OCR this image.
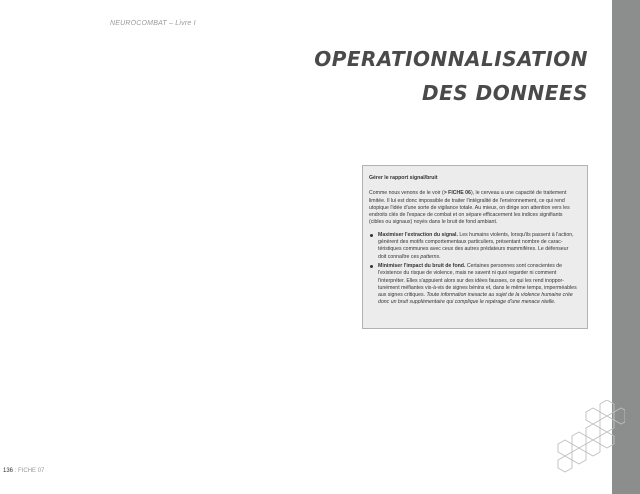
NEUROCOMBAT – Livre I
OPERATIONNALISATION
DES DONNEES

Gérer le rapport signal/bruit

Comme nous venons de le voir (> FICHE 06), le cerveau a une capacité de traitement limitée. Il lui est donc impossible de traiter l'intégralité de l'environnement, ce qui rend utopique l'idée d'une sorte de vigilance totale. Au mieux, on dirige son attention vers les endroits clés de l'espace de combat et on sépare efficacement les indices signifiants (cibles ou signaux) noyés dans le bruit de fond ambiant.

Maximiser l'extraction du signal. Les humains violents, lorsqu'ils passent à l'action, génèrent des motifs comportementaux particuliers, présentant nombre de caractéristiques communes avec ceux des autres prédateurs mammifères. Le défenseur doit connaître ces patterns.
Minimiser l'impact du bruit de fond. Certaines personnes sont conscientes de l'existence du risque de violence, mais ne savent ni quoi regarder ni comment l'interpréter. Elles s'appuient alors sur des idées fausses, ce qui les rend inopportunément méfiantes vis-à-vis de signes bénins et, dans le même temps, imperméables aux signes critiques. Toute information inexacte au sujet de la violence humaine crée donc un bruit supplémentaire qui complique le repérage d'une menace réelle.
136 : FICHE 07
